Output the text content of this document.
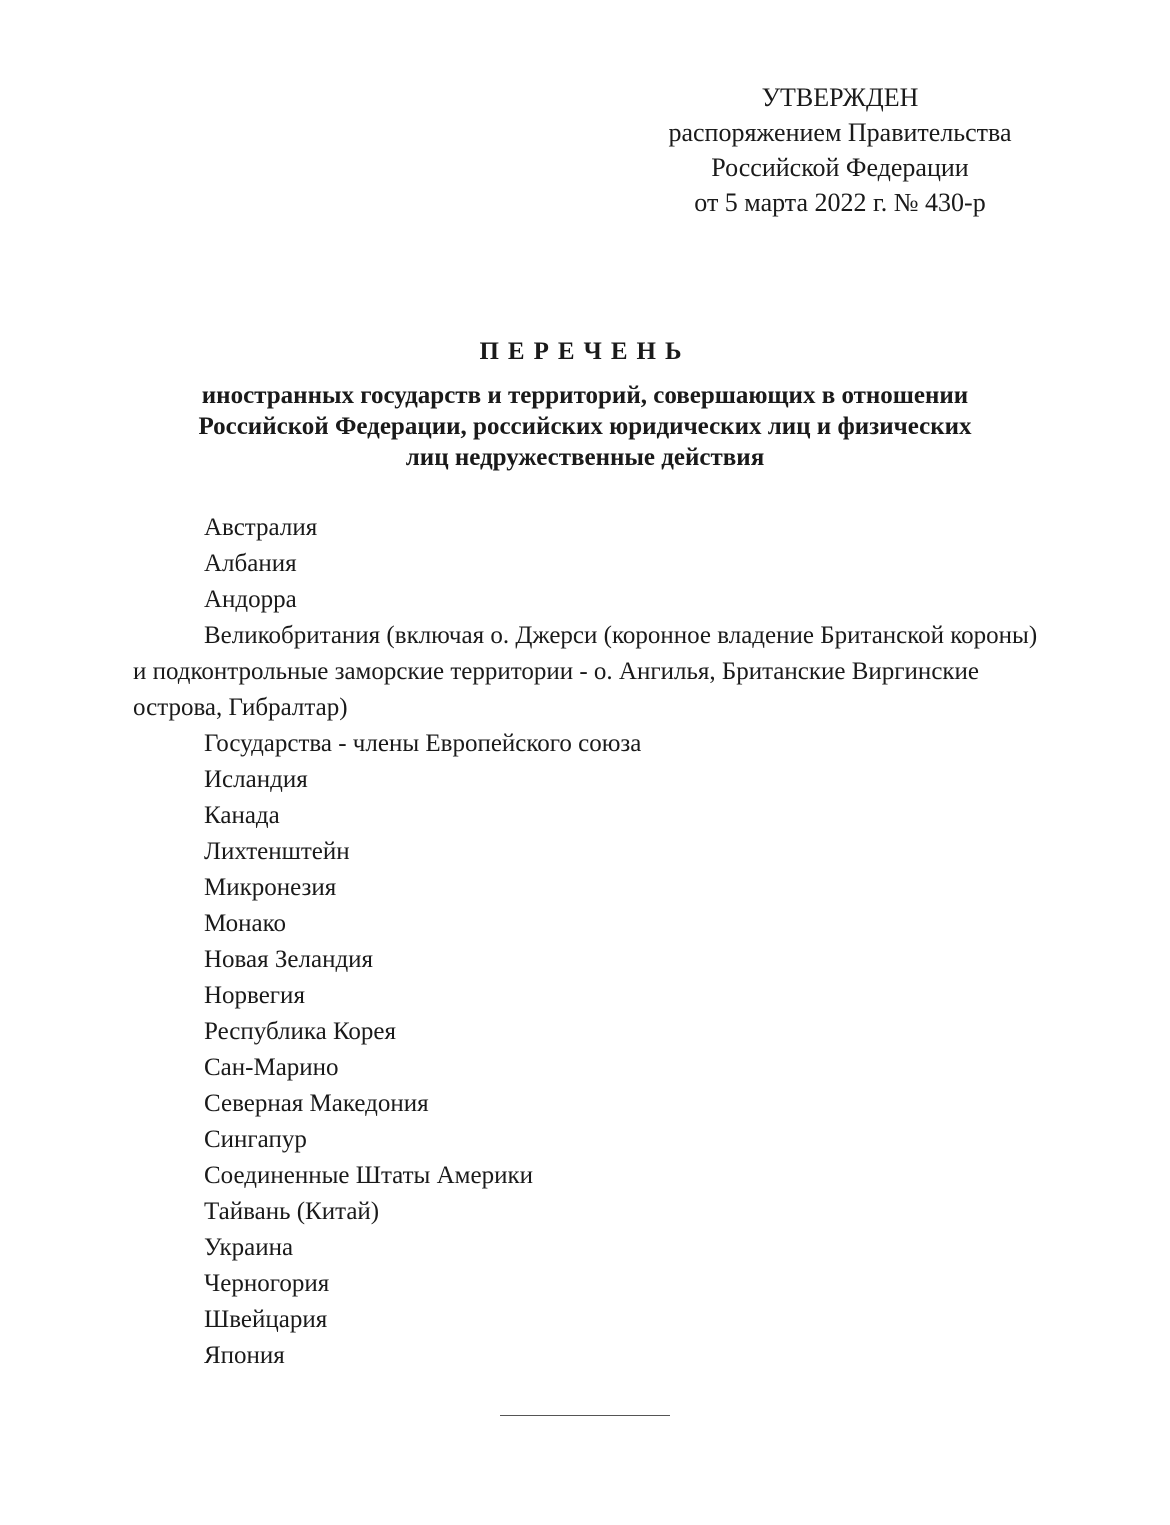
УТВЕРЖДЕН
распоряжением Правительства
Российской Федерации
от 5 марта 2022 г. № 430-р
ПЕРЕЧЕНЬ
иностранных государств и территорий, совершающих в отношении
Российской Федерации, российских юридических лиц и физических
лиц недружественные действия
Австралия
Албания
Андорра
Великобритания (включая о. Джерси (коронное владение Британской короны) и подконтрольные заморские территории - о. Ангилья, Британские Виргинские острова, Гибралтар)
Государства - члены Европейского союза
Исландия
Канада
Лихтенштейн
Микронезия
Монако
Новая Зеландия
Норвегия
Республика Корея
Сан-Марино
Северная Македония
Сингапур
Соединенные Штаты Америки
Тайвань (Китай)
Украина
Черногория
Швейцария
Япония
